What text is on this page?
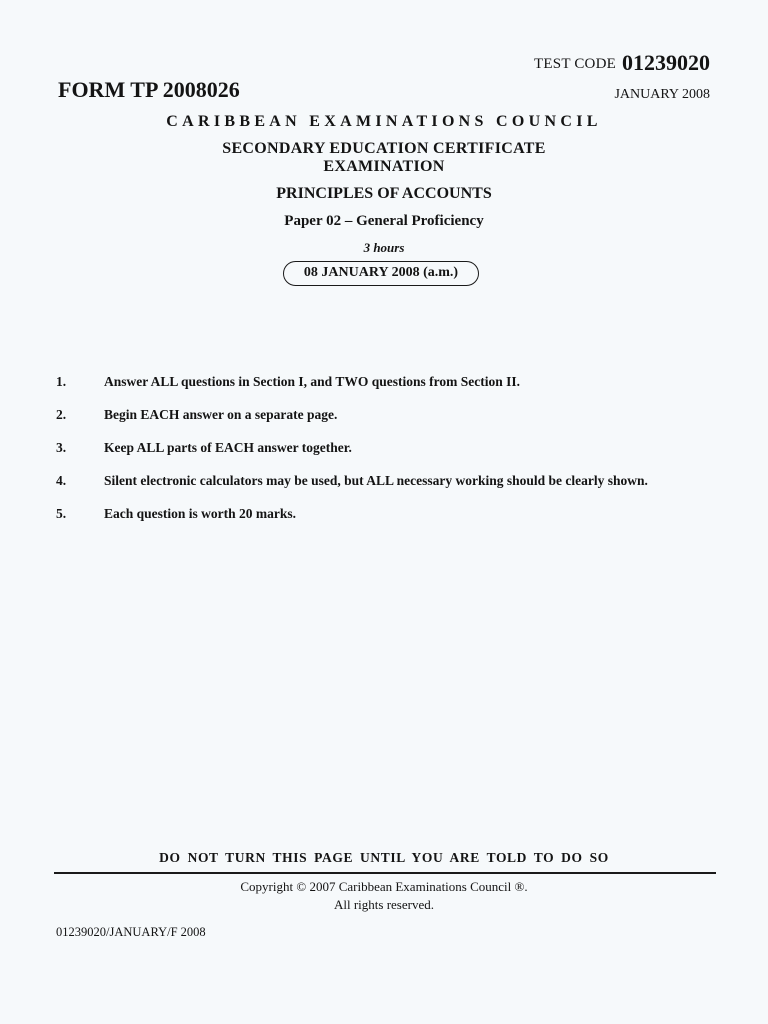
TEST CODE 01239020
JANUARY 2008
FORM TP 2008026
CARIBBEAN EXAMINATIONS COUNCIL
SECONDARY EDUCATION CERTIFICATE
EXAMINATION
PRINCIPLES OF ACCOUNTS
Paper 02 – General Proficiency
3 hours
08 JANUARY 2008 (a.m.)
1.	Answer ALL questions in Section I, and TWO questions from Section II.
2.	Begin EACH answer on a separate page.
3.	Keep ALL parts of EACH answer together.
4.	Silent electronic calculators may be used, but ALL necessary working should be clearly shown.
5.	Each question is worth 20 marks.
DO NOT TURN THIS PAGE UNTIL YOU ARE TOLD TO DO SO
Copyright © 2007 Caribbean Examinations Council ®.
All rights reserved.
01239020/JANUARY/F 2008
